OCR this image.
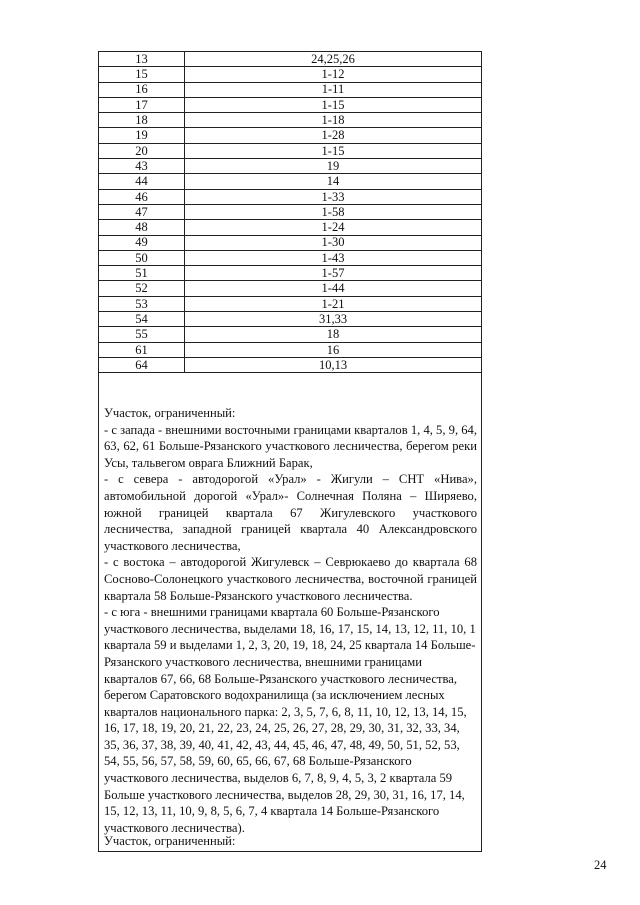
13	24,25,26
15	1-12
16	1-11
17	1-15
18	1-18
19	1-28
20	1-15
43	19
44	14
46	1-33
47	1-58
48	1-24
49	1-30
50	1-43
51	1-57
52	1-44
53	1-21
54	31,33
55	18
61	16
64	10,13

Участок, ограниченный:

- с запада - внешними восточными границами кварталов 1, 4, 5, 9, 64, 63, 62, 61 Больше-Рязанского участкового лесничества, берегом реки Усы, тальвегом оврага Ближний Барак,

- с севера - автодорогой «Урал» - Жигули – СНТ «Нива», автомобильной дорогой «Урал»- Солнечная Поляна – Ширяево, южной границей квартала 67 Жигулевского участкового лесничества, западной границей квартала 40 Александровского участкового лесничества,

- с востока – автодорогой Жигулевск – Севрюкаево до квартала 68 Сосново-Солонецкого участкового лесничества, восточной границей квартала 58 Больше-Рязанского участкового лесничества.

- с юга - внешними границами квартала 60 Больше-Рязанского участкового лесничества, выделами 18, 16, 17, 15, 14, 13, 12, 11, 10, 1 квартала 59 и выделами 1, 2, 3, 20, 19, 18, 24, 25 квартала 14 Больше-Рязанского участкового лесничества, внешними границами кварталов 67, 66, 68 Больше-Рязанского участкового лесничества, берегом Саратовского водохранилища (за исключением лесных кварталов национального парка: 2, 3, 5, 7, 6, 8, 11, 10, 12, 13, 14, 15, 16, 17, 18, 19, 20, 21, 22, 23, 24, 25, 26, 27, 28, 29, 30, 31, 32, 33, 34, 35, 36, 37, 38, 39, 40, 41, 42, 43, 44, 45, 46, 47, 48, 49, 50, 51, 52, 53, 54, 55, 56, 57, 58, 59, 60, 65, 66, 67, 68 Больше-Рязанского участкового лесничества, выделов 6, 7, 8, 9, 4, 5, 3, 2 квартала 59 Больше участкового лесничества, выделов 28, 29, 30, 31, 16, 17, 14, 15, 12, 13, 11, 10, 9, 8, 5, 6, 7, 4 квартала 14 Больше-Рязанского участкового лесничества).

Участок, ограниченный:
24
